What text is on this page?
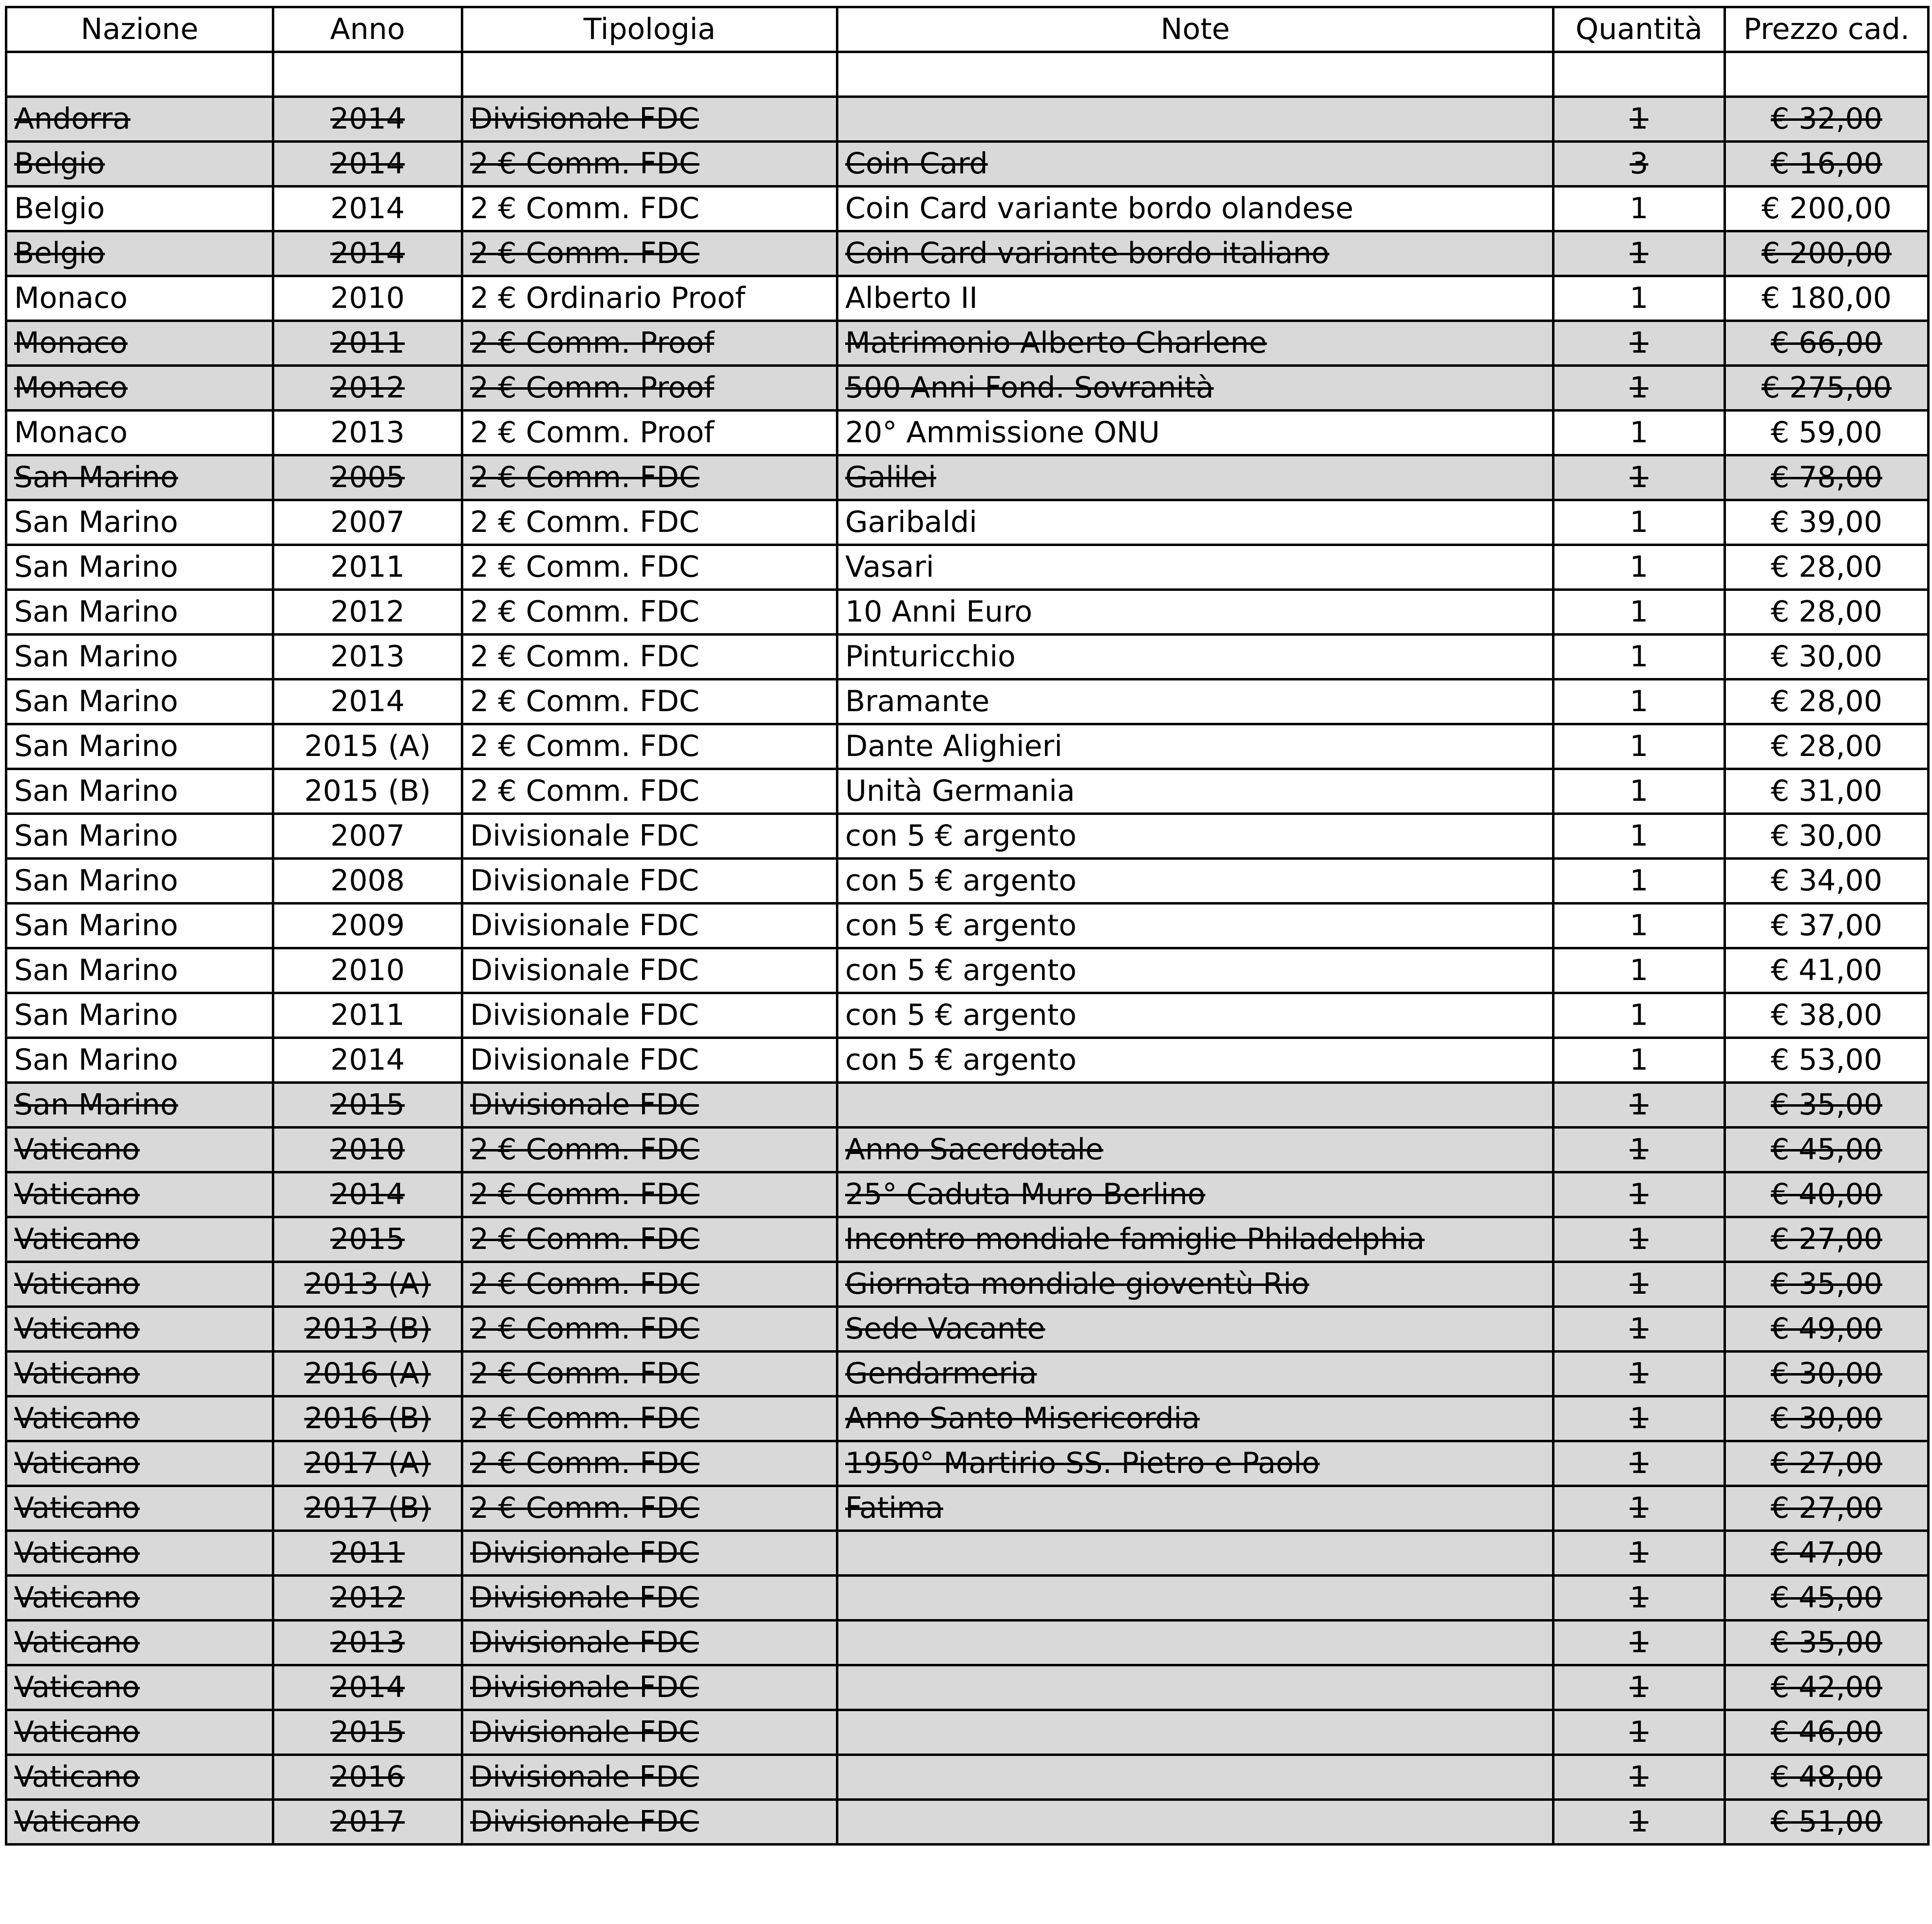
Nazione	Anno	Tipologia	Note	Quantità	Prezzo cad.

Andorra	2014	Divisionale FDC		1	€ 32,00
Belgio	2014	2 € Comm. FDC	Coin Card	3	€ 16,00
Belgio	2014	2 € Comm. FDC	Coin Card variante bordo olandese	1	€ 200,00
Belgio	2014	2 € Comm. FDC	Coin Card variante bordo italiano	1	€ 200,00
Monaco	2010	2 € Ordinario Proof	Alberto II	1	€ 180,00
Monaco	2011	2 € Comm. Proof	Matrimonio Alberto Charlene	1	€ 66,00
Monaco	2012	2 € Comm. Proof	500 Anni Fond. Sovranità	1	€ 275,00
Monaco	2013	2 € Comm. Proof	20° Ammissione ONU	1	€ 59,00
San Marino	2005	2 € Comm. FDC	Galilei	1	€ 78,00
San Marino	2007	2 € Comm. FDC	Garibaldi	1	€ 39,00
San Marino	2011	2 € Comm. FDC	Vasari	1	€ 28,00
San Marino	2012	2 € Comm. FDC	10 Anni Euro	1	€ 28,00
San Marino	2013	2 € Comm. FDC	Pinturicchio	1	€ 30,00
San Marino	2014	2 € Comm. FDC	Bramante	1	€ 28,00
San Marino	2015 (A)	2 € Comm. FDC	Dante Alighieri	1	€ 28,00
San Marino	2015 (B)	2 € Comm. FDC	Unità Germania	1	€ 31,00
San Marino	2007	Divisionale FDC	con 5 € argento	1	€ 30,00
San Marino	2008	Divisionale FDC	con 5 € argento	1	€ 34,00
San Marino	2009	Divisionale FDC	con 5 € argento	1	€ 37,00
San Marino	2010	Divisionale FDC	con 5 € argento	1	€ 41,00
San Marino	2011	Divisionale FDC	con 5 € argento	1	€ 38,00
San Marino	2014	Divisionale FDC	con 5 € argento	1	€ 53,00
San Marino	2015	Divisionale FDC		1	€ 35,00
Vaticano	2010	2 € Comm. FDC	Anno Sacerdotale	1	€ 45,00
Vaticano	2014	2 € Comm. FDC	25° Caduta Muro Berlino	1	€ 40,00
Vaticano	2015	2 € Comm. FDC	Incontro mondiale famiglie Philadelphia	1	€ 27,00
Vaticano	2013 (A)	2 € Comm. FDC	Giornata mondiale gioventù Rio	1	€ 35,00
Vaticano	2013 (B)	2 € Comm. FDC	Sede Vacante	1	€ 49,00
Vaticano	2016 (A)	2 € Comm. FDC	Gendarmeria	1	€ 30,00
Vaticano	2016 (B)	2 € Comm. FDC	Anno Santo Misericordia	1	€ 30,00
Vaticano	2017 (A)	2 € Comm. FDC	1950° Martirio SS. Pietro e Paolo	1	€ 27,00
Vaticano	2017 (B)	2 € Comm. FDC	Fatima	1	€ 27,00
Vaticano	2011	Divisionale FDC		1	€ 47,00
Vaticano	2012	Divisionale FDC		1	€ 45,00
Vaticano	2013	Divisionale FDC		1	€ 35,00
Vaticano	2014	Divisionale FDC		1	€ 42,00
Vaticano	2015	Divisionale FDC		1	€ 46,00
Vaticano	2016	Divisionale FDC		1	€ 48,00
Vaticano	2017	Divisionale FDC		1	€ 51,00
